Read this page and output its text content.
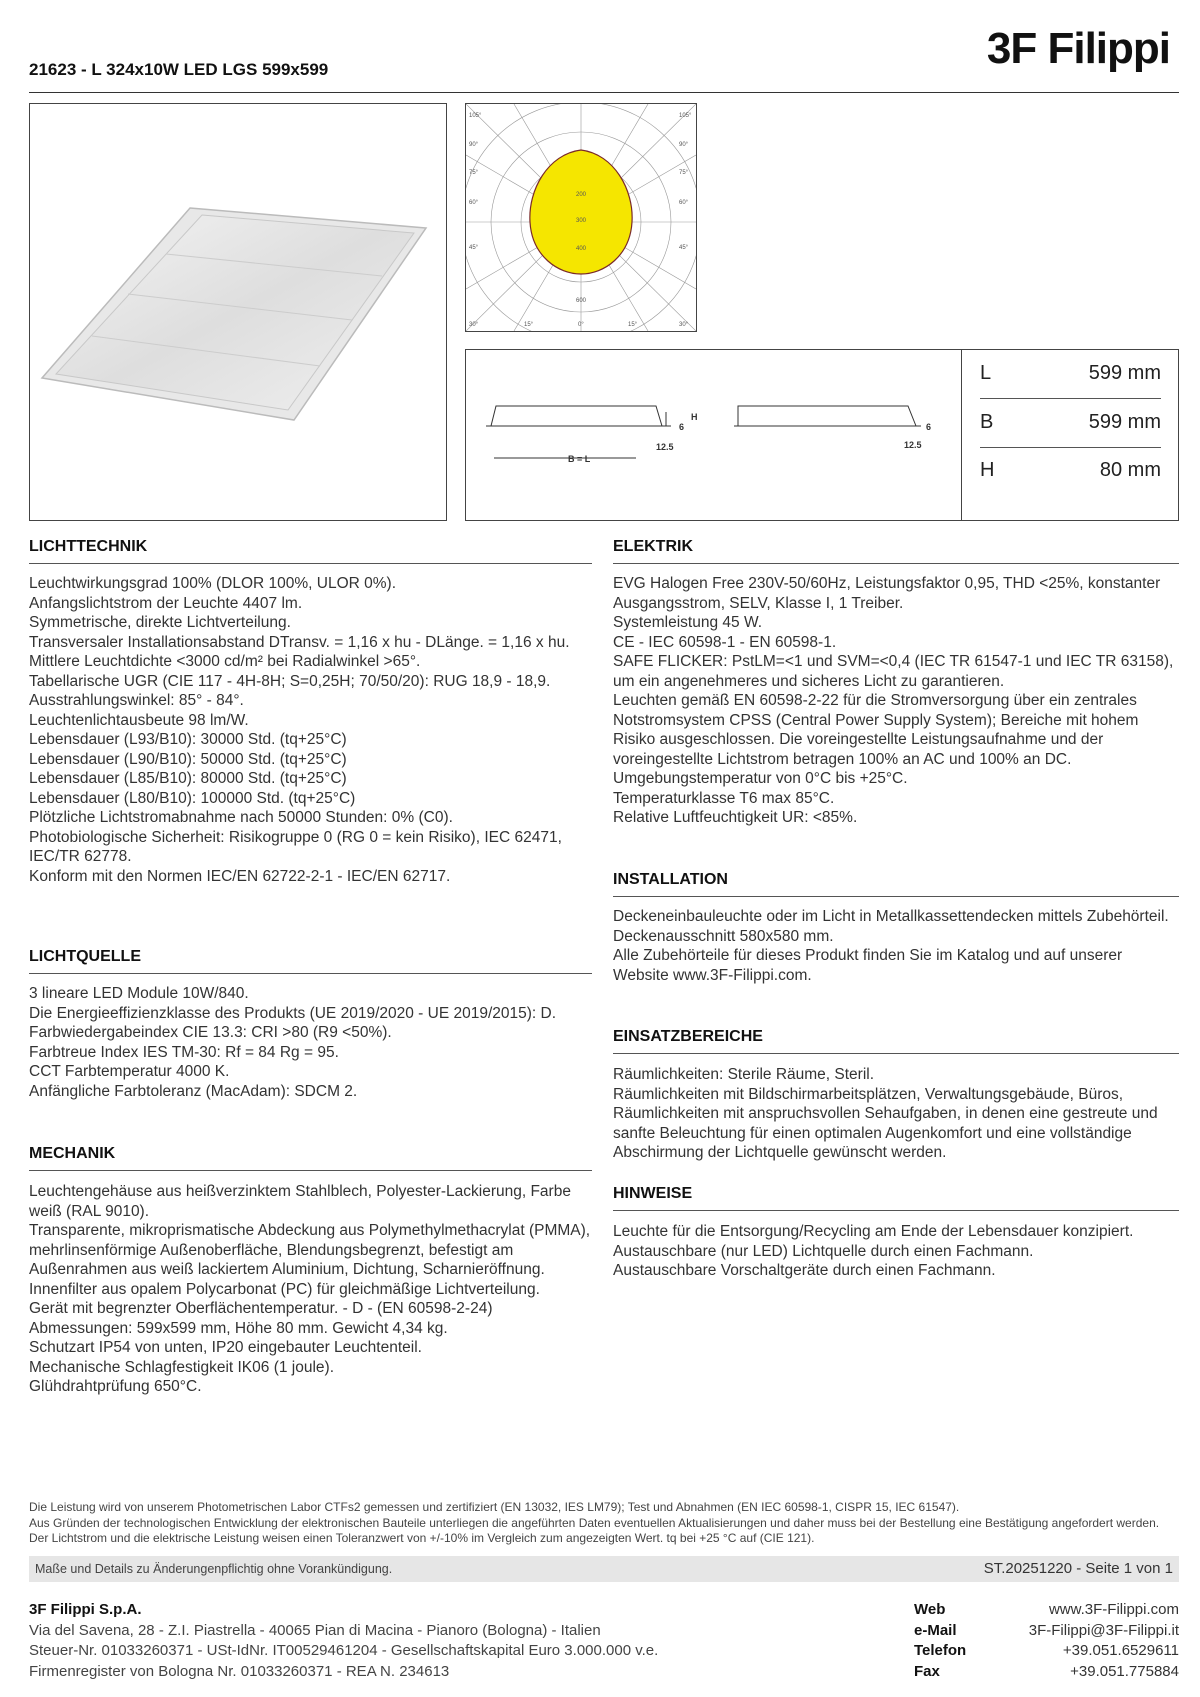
21623 - L 324x10W LED LGS 599x599	3F Filippi
105°
90°
75°
60°
45°
105°
90°
75°
60°
45°
30°	15°	0°	15°	30°
200
300
400
600
6
H
12.5
B = L
6
12.5
L	599 mm
B	599 mm
H	80 mm
LICHTTECHNIK
Leuchtwirkungsgrad 100% (DLOR 100%, ULOR 0%).
Anfangslichtstrom der Leuchte 4407 lm.
Symmetrische, direkte Lichtverteilung.
Transversaler Installationsabstand DTransv. = 1,16 x hu - DLänge. = 1,16 x hu.
Mittlere Leuchtdichte <3000 cd/m² bei Radialwinkel >65°.
Tabellarische UGR (CIE 117 - 4H-8H; S=0,25H; 70/50/20): RUG 18,9 - 18,9.
Ausstrahlungswinkel: 85° - 84°.
Leuchtenlichtausbeute 98 lm/W.
Lebensdauer (L93/B10): 30000 Std. (tq+25°C)
Lebensdauer (L90/B10): 50000 Std. (tq+25°C)
Lebensdauer (L85/B10): 80000 Std. (tq+25°C)
Lebensdauer (L80/B10): 100000 Std. (tq+25°C)
Plötzliche Lichtstromabnahme nach 50000 Stunden: 0% (C0).
Photobiologische Sicherheit: Risikogruppe 0 (RG 0 = kein Risiko), IEC 62471, IEC/TR 62778.
Konform mit den Normen IEC/EN 62722-2-1 - IEC/EN 62717.
LICHTQUELLE
3 lineare LED Module 10W/840.
Die Energieeffizienzklasse des Produkts (UE 2019/2020 - UE 2019/2015): D.
Farbwiedergabeindex CIE 13.3: CRI >80 (R9 <50%).
Farbtreue Index IES TM-30: Rf = 84 Rg = 95.
CCT Farbtemperatur 4000 K.
Anfängliche Farbtoleranz (MacAdam): SDCM 2.
MECHANIK
Leuchtengehäuse aus heißverzinktem Stahlblech, Polyester-Lackierung, Farbe weiß (RAL 9010).
Transparente, mikroprismatische Abdeckung aus Polymethylmethacrylat (PMMA), mehrlinsenförmige Außenoberfläche, Blendungsbegrenzt, befestigt am Außenrahmen aus weiß lackiertem Aluminium, Dichtung, Scharnieröffnung.
Innenfilter aus opalem Polycarbonat (PC) für gleichmäßige Lichtverteilung.
Gerät mit begrenzter Oberflächentemperatur. - D - (EN 60598-2-24)
Abmessungen: 599x599 mm, Höhe 80 mm. Gewicht 4,34 kg.
Schutzart IP54 von unten, IP20 eingebauter Leuchtenteil.
Mechanische Schlagfestigkeit IK06 (1 joule).
Glühdrahtprüfung 650°C.
ELEKTRIK
EVG Halogen Free 230V-50/60Hz, Leistungsfaktor 0,95, THD <25%, konstanter Ausgangsstrom, SELV, Klasse I, 1 Treiber.
Systemleistung 45 W.
CE - IEC 60598-1 - EN 60598-1.
SAFE FLICKER: PstLM=<1 und SVM=<0,4 (IEC TR 61547-1 und IEC TR 63158), um ein angenehmeres und sicheres Licht zu garantieren.
Leuchten gemäß EN 60598-2-22 für die Stromversorgung über ein zentrales Notstromsystem CPSS (Central Power Supply System); Bereiche mit hohem Risiko ausgeschlossen. Die voreingestellte Leistungsaufnahme und der voreingestellte Lichtstrom betragen 100% an AC und 100% an DC.
Umgebungstemperatur von 0°C bis +25°C.
Temperaturklasse T6 max 85°C.
Relative Luftfeuchtigkeit UR: <85%.
INSTALLATION
Deckeneinbauleuchte oder im Licht in Metallkassettendecken mittels Zubehörteil.
Deckenausschnitt 580x580 mm.
Alle Zubehörteile für dieses Produkt finden Sie im Katalog und auf unserer Website www.3F-Filippi.com.
EINSATZBEREICHE
Räumlichkeiten: Sterile Räume, Steril.
Räumlichkeiten mit Bildschirmarbeitsplätzen, Verwaltungsgebäude, Büros, Räumlichkeiten mit anspruchsvollen Sehaufgaben, in denen eine gestreute und sanfte Beleuchtung für einen optimalen Augenkomfort und eine vollständige Abschirmung der Lichtquelle gewünscht werden.
HINWEISE
Leuchte für die Entsorgung/Recycling am Ende der Lebensdauer konzipiert.
Austauschbare (nur LED) Lichtquelle durch einen Fachmann.
Austauschbare Vorschaltgeräte durch einen Fachmann.
Die Leistung wird von unserem Photometrischen Labor CTFs2 gemessen und zertifiziert (EN 13032, IES LM79); Test und Abnahmen (EN IEC 60598-1, CISPR 15, IEC 61547).
Aus Gründen der technologischen Entwicklung der elektronischen Bauteile unterliegen die angeführten Daten eventuellen Aktualisierungen und daher muss bei der Bestellung eine Bestätigung angefordert werden. Der Lichtstrom und die elektrische Leistung weisen einen Toleranzwert von +/-10% im Vergleich zum angezeigten Wert. tq bei +25 °C auf (CIE 121).
Maße und Details zu Änderungenpflichtig ohne Vorankündigung.	ST.20251220 - Seite 1 von 1
3F Filippi S.p.A.
Via del Savena, 28 - Z.I. Piastrella - 40065 Pian di Macina - Pianoro (Bologna) - Italien
Steuer-Nr. 01033260371 - USt-IdNr. IT00529461204 - Gesellschaftskapital Euro 3.000.000 v.e.
Firmenregister von Bologna Nr. 01033260371 - REA N. 234613
Web	www.3F-Filippi.com
e-Mail	3F-Filippi@3F-Filippi.it
Telefon	+39.051.6529611
Fax	+39.051.775884
